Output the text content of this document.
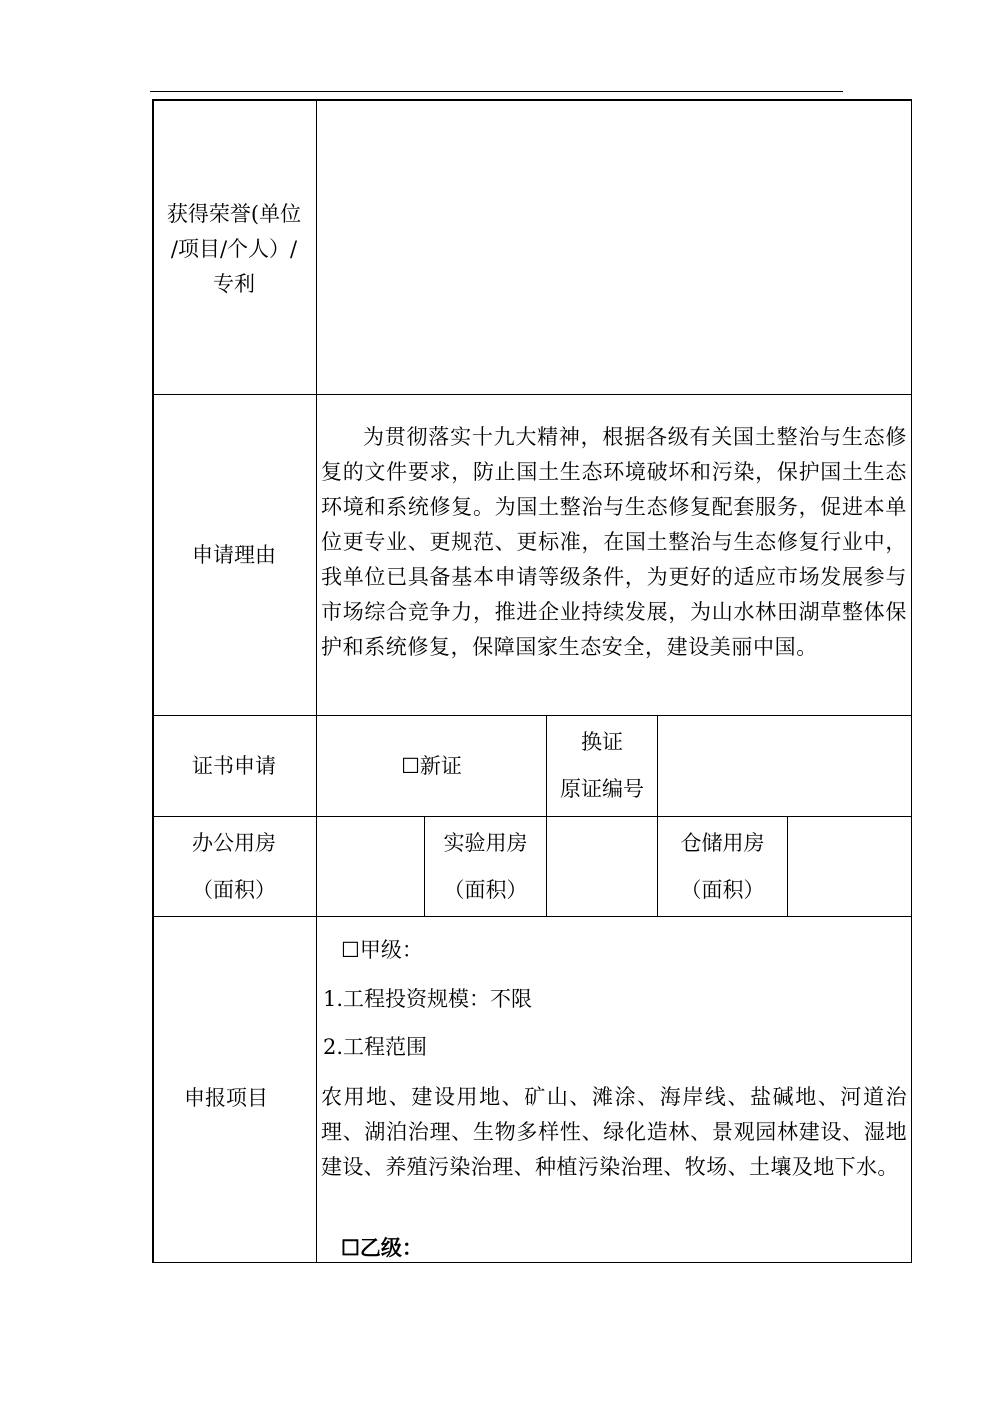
获得荣誉(单位
/项目/个人）/
专利
申请理由
为贯彻落实十九大精神，根据各级有关国土整治与生态修复的文件要求，防止国土生态环境破坏和污染，保护国土生态环境和系统修复。为国土整治与生态修复配套服务，促进本单位更专业、更规范、更标准，在国土整治与生态修复行业中，我单位已具备基本申请等级条件，为更好的适应市场发展参与市场综合竞争力，推进企业持续发展，为山水林田湖草整体保护和系统修复，保障国家生态安全，建设美丽中国。
证书申请	☐新证
换证
原证编号
办公用房
（面积）
实验用房
（面积）
仓储用房
（面积）
申报项目
☐甲级：
1.工程投资规模：不限
2.工程范围
农用地、建设用地、矿山、滩涂、海岸线、盐碱地、河道治理、湖泊治理、生物多样性、绿化造林、景观园林建设、湿地建设、养殖污染治理、种植污染治理、牧场、土壤及地下水。
☐乙级：
